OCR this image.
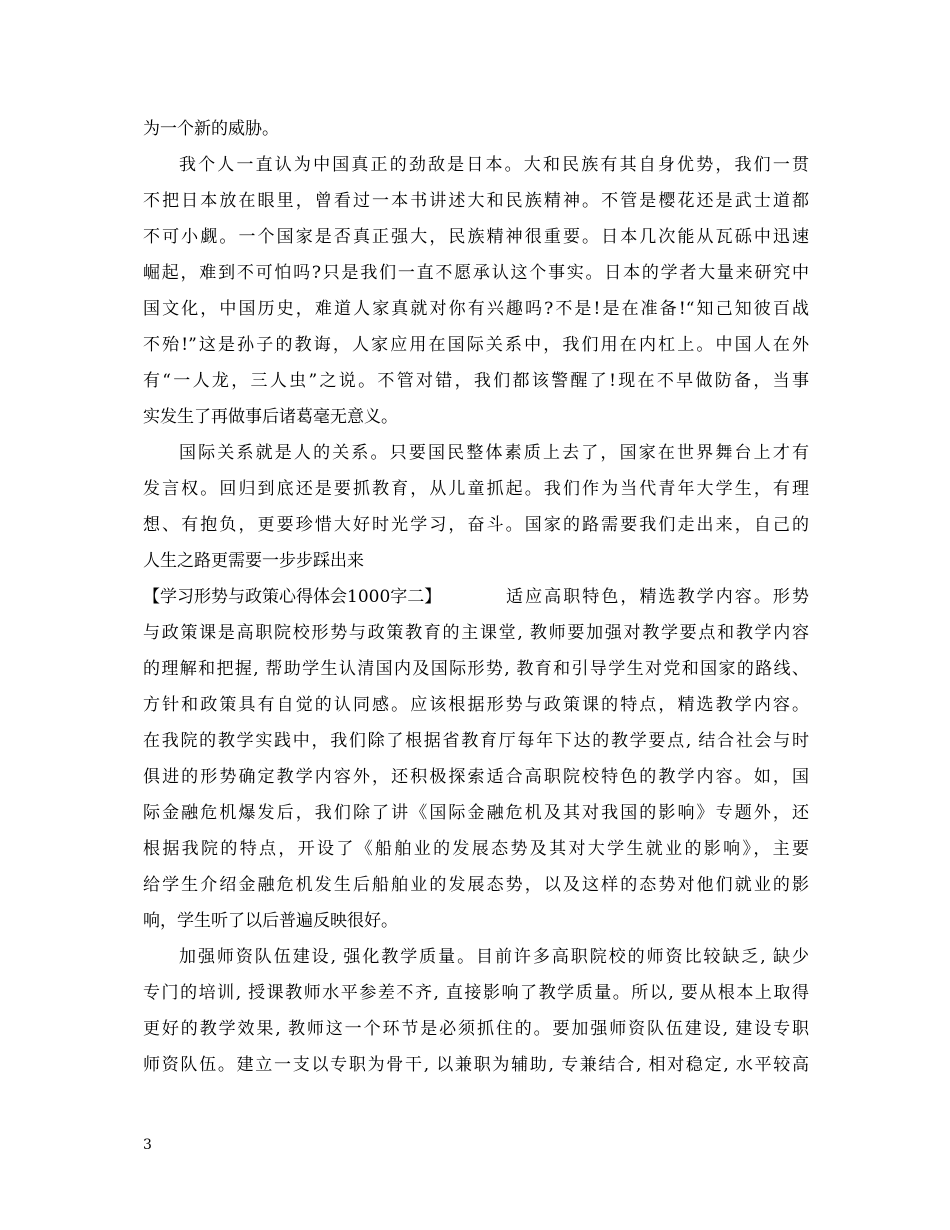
为一个新的威胁。
我个人一直认为中国真正的劲敌是日本。大和民族有其自身优势，我们一贯
不把日本放在眼里，曾看过一本书讲述大和民族精神。不管是樱花还是武士道都
不可小觑。一个国家是否真正强大，民族精神很重要。日本几次能从瓦砾中迅速
崛起，难到不可怕吗?只是我们一直不愿承认这个事实。日本的学者大量来研究中
国文化，中国历史，难道人家真就对你有兴趣吗?不是!是在准备!“知己知彼百战
不殆!”这是孙子的教诲，人家应用在国际关系中，我们用在内杠上。中国人在外
有“一人龙，三人虫”之说。不管对错，我们都该警醒了!现在不早做防备，当事
实发生了再做事后诸葛毫无意义。
国际关系就是人的关系。只要国民整体素质上去了，国家在世界舞台上才有
发言权。回归到底还是要抓教育，从儿童抓起。我们作为当代青年大学生，有理
想、有抱负，更要珍惜大好时光学习，奋斗。国家的路需要我们走出来，自己的
人生之路更需要一步步踩出来
【学习形势与政策心得体会1000字二】	适应高职特色，精选教学内容。形势
与政策课是高职院校形势与政策教育的主课堂, 教师要加强对教学要点和教学内容
的理解和把握, 帮助学生认清国内及国际形势, 教育和引导学生对党和国家的路线、
方针和政策具有自觉的认同感。应该根据形势与政策课的特点，精选教学内容。
在我院的教学实践中，我们除了根据省教育厅每年下达的教学要点, 结合社会与时
俱进的形势确定教学内容外，还积极探索适合高职院校特色的教学内容。如，国
际金融危机爆发后，我们除了讲《国际金融危机及其对我国的影响》专题外，还
根据我院的特点，开设了《船舶业的发展态势及其对大学生就业的影响》，主要
给学生介绍金融危机发生后船舶业的发展态势，以及这样的态势对他们就业的影
响，学生听了以后普遍反映很好。
加强师资队伍建设, 强化教学质量。目前许多高职院校的师资比较缺乏, 缺少
专门的培训, 授课教师水平参差不齐, 直接影响了教学质量。所以, 要从根本上取得
更好的教学效果, 教师这一个环节是必须抓住的。要加强师资队伍建设, 建设专职
师资队伍。建立一支以专职为骨干, 以兼职为辅助, 专兼结合, 相对稳定, 水平较高
3
